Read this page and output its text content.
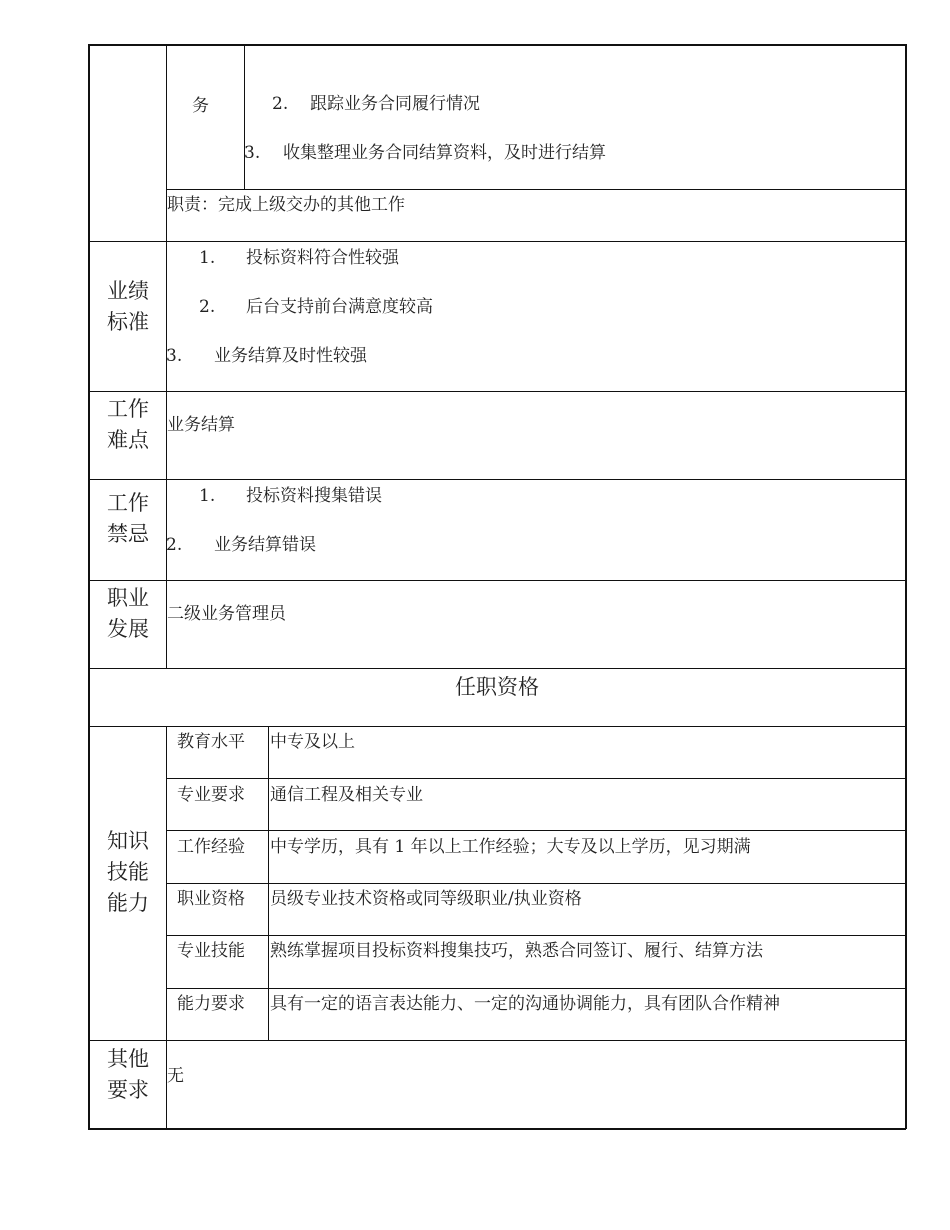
务	2. 跟踪业务合同履行情况
3. 收集整理业务合同结算资料，及时进行结算
职责：完成上级交办的其他工作
业绩
标准
1. 投标资料符合性较强
2. 后台支持前台满意度较高
3. 业务结算及时性较强
工作
难点
业务结算
工作
禁忌
1. 投标资料搜集错误
2. 业务结算错误
职业
发展
二级业务管理员
任职资格
知识
技能
能力
教育水平 中专及以上
专业要求 通信工程及相关专业
工作经验 中专学历，具有 1 年以上工作经验；大专及以上学历，见习期满
职业资格 员级专业技术资格或同等级职业/执业资格
专业技能 熟练掌握项目投标资料搜集技巧，熟悉合同签订、履行、结算方法
能力要求 具有一定的语言表达能力、一定的沟通协调能力，具有团队合作精神
其他
要求
无
